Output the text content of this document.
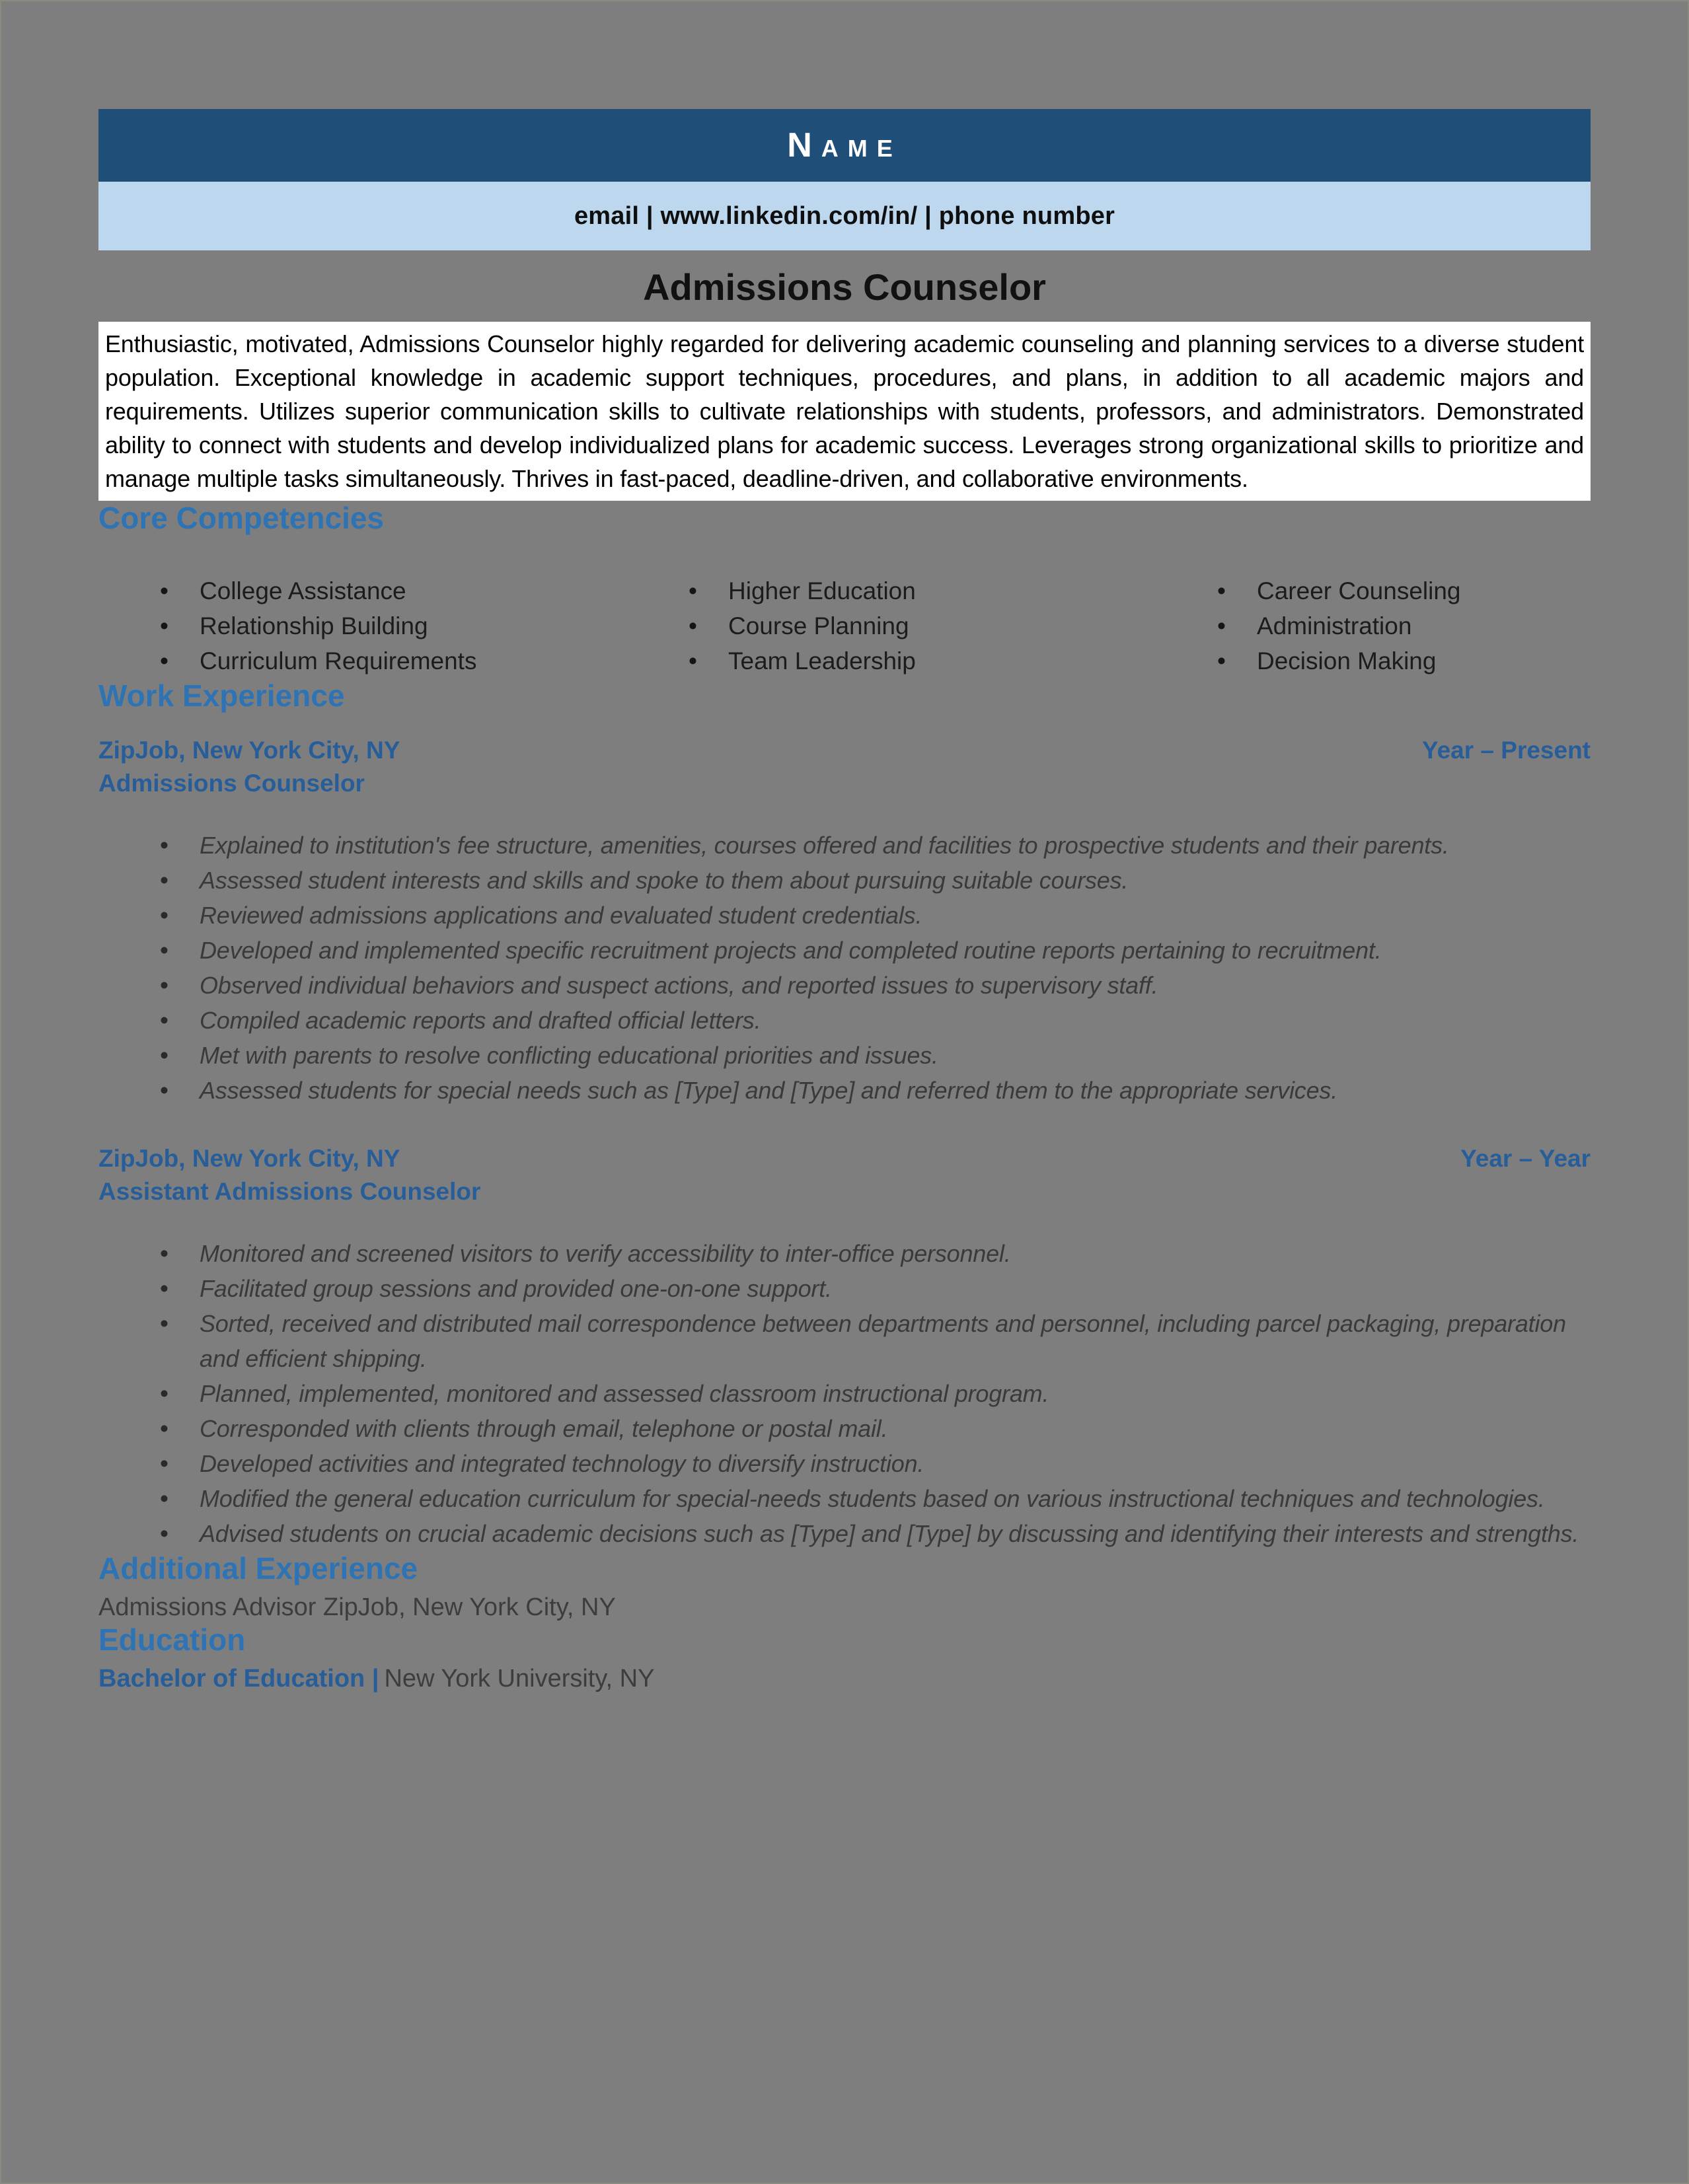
Name
email | www.linkedin.com/in/ | phone number
Admissions Counselor

Enthusiastic, motivated, Admissions Counselor highly regarded for delivering academic counseling and planning services to a diverse student population. Exceptional knowledge in academic support techniques, procedures, and plans, in addition to all academic majors and requirements. Utilizes superior communication skills to cultivate relationships with students, professors, and administrators. Demonstrated ability to connect with students and develop individualized plans for academic success. Leverages strong organizational skills to prioritize and manage multiple tasks simultaneously. Thrives in fast-paced, deadline-driven, and collaborative environments.

Core Competencies
• College Assistance
• Relationship Building
• Curriculum Requirements
• Higher Education
• Course Planning
• Team Leadership
• Career Counseling
• Administration
• Decision Making
Work Experience
ZipJob, New York City, NY
Admissions Counselor
Year – Present
• Explained to institution's fee structure, amenities, courses offered and facilities to prospective students and their parents.
• Assessed student interests and skills and spoke to them about pursuing suitable courses.
• Reviewed admissions applications and evaluated student credentials.
• Developed and implemented specific recruitment projects and completed routine reports pertaining to recruitment.
• Observed individual behaviors and suspect actions, and reported issues to supervisory staff.
• Compiled academic reports and drafted official letters.
• Met with parents to resolve conflicting educational priorities and issues.
• Assessed students for special needs such as [Type] and [Type] and referred them to the appropriate services.
ZipJob, New York City, NY
Assistant Admissions Counselor
Year – Year
• Monitored and screened visitors to verify accessibility to inter-office personnel.
• Facilitated group sessions and provided one-on-one support.
• Sorted, received and distributed mail correspondence between departments and personnel, including parcel packaging, preparation and efficient shipping.
• Planned, implemented, monitored and assessed classroom instructional program.
• Corresponded with clients through email, telephone or postal mail.
• Developed activities and integrated technology to diversify instruction.
• Modified the general education curriculum for special-needs students based on various instructional techniques and technologies.
• Advised students on crucial academic decisions such as [Type] and [Type] by discussing and identifying their interests and strengths.
Additional Experience

Admissions Advisor ZipJob, New York City, NY

Education

Bachelor of Education | New York University, NY
